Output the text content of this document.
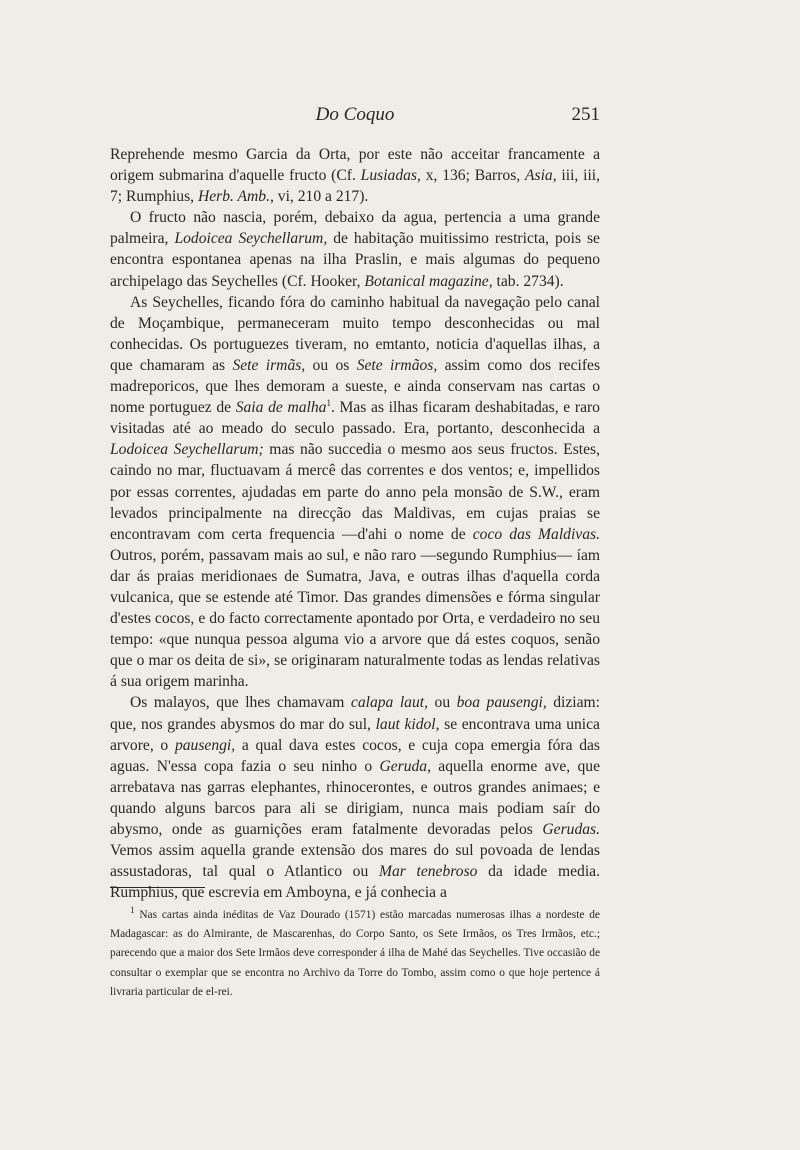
Do Coquo	251

Reprehende mesmo Garcia da Orta, por este não acceitar francamente a origem submarina d'aquelle fructo (Cf. Lusiadas, x, 136; Barros, Asia, iii, iii, 7; Rumphius, Herb. Amb., vi, 210 a 217).

O fructo não nascia, porém, debaixo da agua, pertencia a uma grande palmeira, Lodoicea Seychellarum, de habitação muitissimo restricta, pois se encontra espontanea apenas na ilha Praslin, e mais algumas do pequeno archipelago das Seychelles (Cf. Hooker, Botanical magazine, tab. 2734).

As Seychelles, ficando fóra do caminho habitual da navegação pelo canal de Moçambique, permaneceram muito tempo desconhecidas ou mal conhecidas. Os portuguezes tiveram, no emtanto, noticia d'aquellas ilhas, a que chamaram as Sete irmãs, ou os Sete irmãos, assim como dos recifes madreporicos, que lhes demoram a sueste, e ainda conservam nas cartas o nome portuguez de Saia de malha$^1$. Mas as ilhas ficaram deshabitadas, e raro visitadas até ao meado do seculo passado. Era, portanto, desconhecida a Lodoicea Seychellarum; mas não succedia o mesmo aos seus fructos. Estes, caindo no mar, fluctuavam á mercê das correntes e dos ventos; e, impellidos por essas correntes, ajudadas em parte do anno pela monsão de S.W., eram levados principalmente na direcção das Maldivas, em cujas praias se encontravam com certa frequencia —d'ahi o nome de coco das Maldivas. Outros, porém, passavam mais ao sul, e não raro —segundo Rumphius— íam dar ás praias meridionaes de Sumatra, Java, e outras ilhas d'aquella corda vulcanica, que se estende até Timor. Das grandes dimensões e fórma singular d'estes cocos, e do facto correctamente apontado por Orta, e verdadeiro no seu tempo: «que nunqua pessoa alguma vio a arvore que dá estes coquos, senão que o mar os deita de si», se originaram naturalmente todas as lendas relativas á sua origem marinha.

Os malayos, que lhes chamavam calapa laut, ou boa pausengi, diziam: que, nos grandes abysmos do mar do sul, laut kidol, se encontrava uma unica arvore, o pausengi, a qual dava estes cocos, e cuja copa emergia fóra das aguas. N'essa copa fazia o seu ninho o Geruda, aquella enorme ave, que arrebatava nas garras elephantes, rhinocerontes, e outros grandes animaes; e quando alguns barcos para ali se dirigiam, nunca mais podiam saír do abysmo, onde as guarnições eram fatalmente devoradas pelos Gerudas. Vemos assim aquella grande extensão dos mares do sul povoada de lendas assustadoras, tal qual o Atlantico ou Mar tenebroso da idade media. Rumphius, que escrevia em Amboyna, e já conhecia a

$^1$ Nas cartas ainda inéditas de Vaz Dourado (1571) estão marcadas numerosas ilhas a nordeste de Madagascar: as do Almirante, de Mascarenhas, do Corpo Santo, os Sete Irmãos, os Tres Irmãos, etc.; parecendo que a maior dos Sete Irmãos deve corresponder á ilha de Mahé das Seychelles. Tive occasião de consultar o exemplar que se encontra no Archivo da Torre do Tombo, assim como o que hoje pertence á livraria particular de el-rei.
